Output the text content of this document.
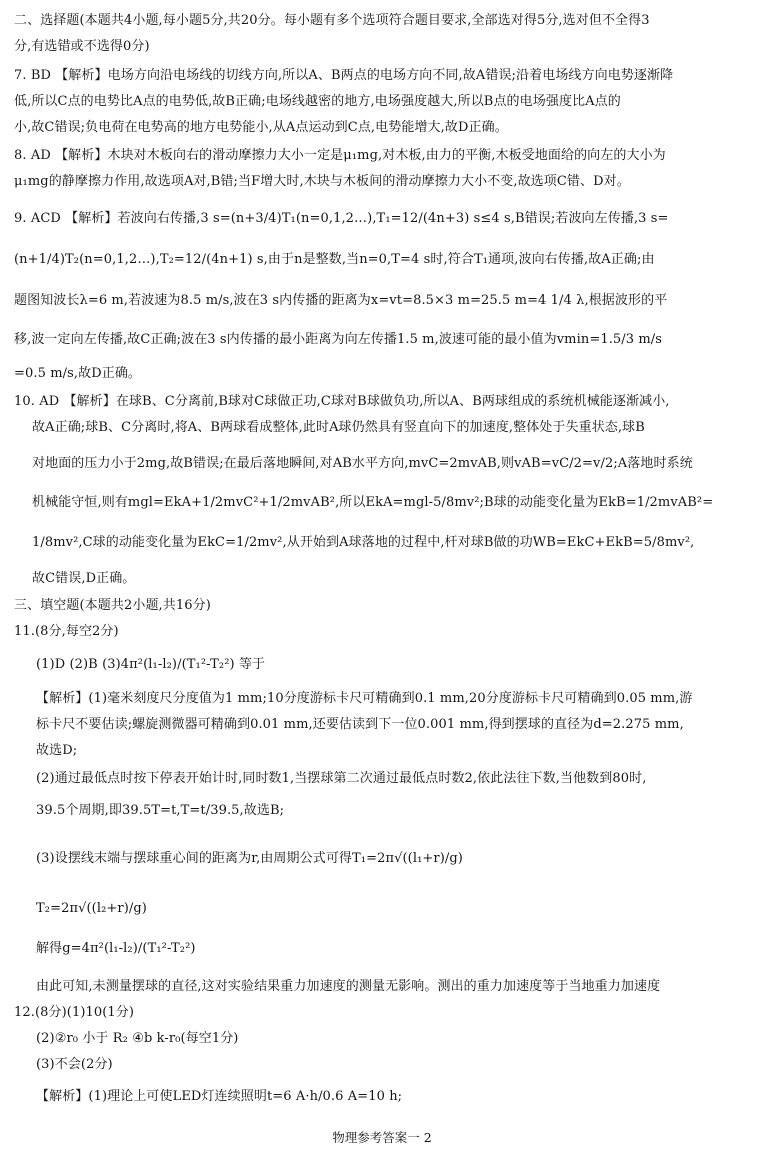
二、选择题(本题共4小题,每小题5分,共20分。每小题有多个选项符合题目要求,全部选对得5分,选对但不全得3
分,有选错或不选得0分)
7. BD 【解析】电场方向沿电场线的切线方向,所以A、B两点的电场方向不同,故A错误;沿着电场线方向电势逐渐降
低,所以C点的电势比A点的电势低,故B正确;电场线越密的地方,电场强度越大,所以B点的电场强度比A点的
小,故C错误;负电荷在电势高的地方电势能小,从A点运动到C点,电势能增大,故D正确。
8. AD 【解析】木块对木板向右的滑动摩擦力大小一定是μ₁mg,对木板,由力的平衡,木板受地面给的向左的大小为
μ₁mg的静摩擦力作用,故选项A对,B错;当F增大时,木块与木板间的滑动摩擦力大小不变,故选项C错、D对。
9. ACD 【解析】若波向右传播,3 s=(n+3/4)T₁(n=0,1,2…),T₁=12/(4n+3) s≤4 s,B错误;若波向左传播,3 s=
(n+1/4)T₂(n=0,1,2…),T₂=12/(4n+1) s,由于n是整数,当n=0,T=4 s时,符合T₁通项,波向右传播,故A正确;由
题图知波长λ=6 m,若波速为8.5 m/s,波在3 s内传播的距离为x=vt=8.5×3 m=25.5 m=4 1/4 λ,根据波形的平
移,波一定向左传播,故C正确;波在3 s内传播的最小距离为向左传播1.5 m,波速可能的最小值为vmin=1.5/3 m/s
=0.5 m/s,故D正确。
10. AD 【解析】在球B、C分离前,B球对C球做正功,C球对B球做负功,所以A、B两球组成的系统机械能逐渐减小,
故A正确;球B、C分离时,将A、B两球看成整体,此时A球仍然具有竖直向下的加速度,整体处于失重状态,球B
对地面的压力小于2mg,故B错误;在最后落地瞬间,对AB水平方向,mvC=2mvAB,则vAB=vC/2=v/2;A落地时系统
机械能守恒,则有mgl=EkA+1/2mvC²+1/2mvAB²,所以EkA=mgl-5/8mv²;B球的动能变化量为EkB=1/2mvAB²=
1/8mv²,C球的动能变化量为EkC=1/2mv²,从开始到A球落地的过程中,杆对球B做的功WB=EkC+EkB=5/8mv²,
故C错误,D正确。
三、填空题(本题共2小题,共16分)
11.(8分,每空2分)
(1)D (2)B (3)4π²(l₁-l₂)/(T₁²-T₂²) 等于
【解析】(1)毫米刻度尺分度值为1 mm;10分度游标卡尺可精确到0.1 mm,20分度游标卡尺可精确到0.05 mm,游
标卡尺不要估读;螺旋测微器可精确到0.01 mm,还要估读到下一位0.001 mm,得到摆球的直径为d=2.275 mm,
故选D;
(2)通过最低点时按下停表开始计时,同时数1,当摆球第二次通过最低点时数2,依此法往下数,当他数到80时,
39.5个周期,即39.5T=t,T=t/39.5,故选B;
(3)设摆线末端与摆球重心间的距离为r,由周期公式可得T₁=2π√((l₁+r)/g)
T₂=2π√((l₂+r)/g)
解得g=4π²(l₁-l₂)/(T₁²-T₂²)
由此可知,未测量摆球的直径,这对实验结果重力加速度的测量无影响。测出的重力加速度等于当地重力加速度
12.(8分)(1)10(1分)
(2)②r₀ 小于 R₂ ④b k-r₀(每空1分)
(3)不会(2分)
【解析】(1)理论上可使LED灯连续照明t=6 A·h/0.6 A=10 h;
物理参考答案一 2
